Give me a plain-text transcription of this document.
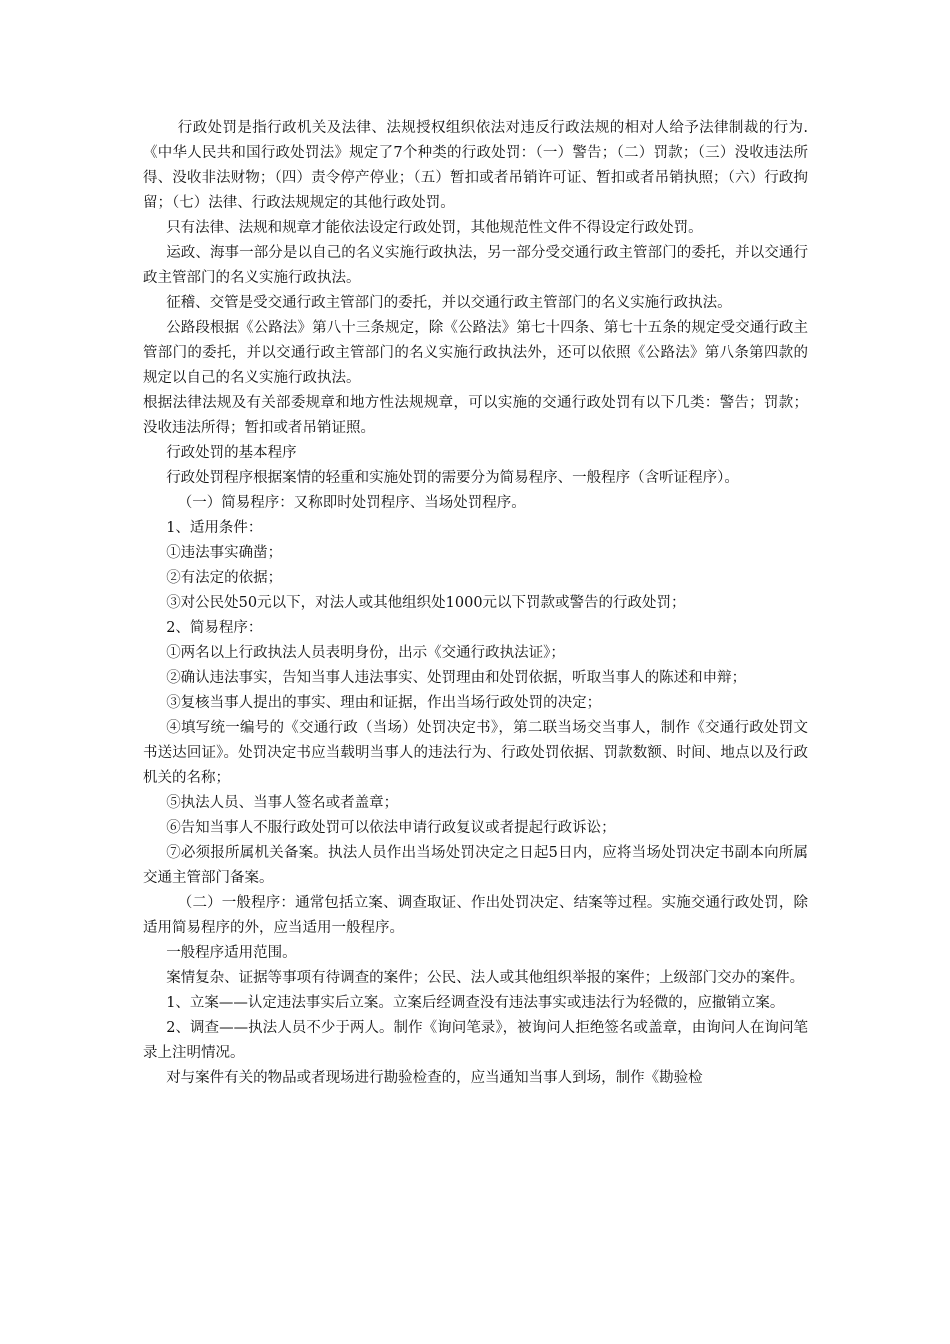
行政处罚是指行政机关及法律、法规授权组织依法对违反行政法规的相对人给予法律制裁的行为.《中华人民共和国行政处罚法》规定了7个种类的行政处罚：（一）警告；（二）罚款；（三）没收违法所得、没收非法财物；（四）责令停产停业；（五）暂扣或者吊销许可证、暂扣或者吊销执照；（六）行政拘留；（七）法律、行政法规规定的其他行政处罚。

只有法律、法规和规章才能依法设定行政处罚，其他规范性文件不得设定行政处罚。

运政、海事一部分是以自己的名义实施行政执法，另一部分受交通行政主管部门的委托，并以交通行政主管部门的名义实施行政执法。

征稽、交管是受交通行政主管部门的委托，并以交通行政主管部门的名义实施行政执法。

公路段根据《公路法》第八十三条规定，除《公路法》第七十四条、第七十五条的规定受交通行政主管部门的委托，并以交通行政主管部门的名义实施行政执法外，还可以依照《公路法》第八条第四款的规定以自己的名义实施行政执法。

根据法律法规及有关部委规章和地方性法规规章，可以实施的交通行政处罚有以下几类：警告；罚款；没收违法所得；暂扣或者吊销证照。

行政处罚的基本程序

行政处罚程序根据案情的轻重和实施处罚的需要分为简易程序、一般程序（含听证程序）。

（一）简易程序：又称即时处罚程序、当场处罚程序。

1、适用条件：

①违法事实确凿；

②有法定的依据；

③对公民处50元以下，对法人或其他组织处1000元以下罚款或警告的行政处罚；

2、简易程序：

①两名以上行政执法人员表明身份，出示《交通行政执法证》；

②确认违法事实，告知当事人违法事实、处罚理由和处罚依据，听取当事人的陈述和申辩；

③复核当事人提出的事实、理由和证据，作出当场行政处罚的决定；

④填写统一编号的《交通行政（当场）处罚决定书》，第二联当场交当事人，制作《交通行政处罚文书送达回证》。处罚决定书应当载明当事人的违法行为、行政处罚依据、罚款数额、时间、地点以及行政机关的名称；

⑤执法人员、当事人签名或者盖章；

⑥告知当事人不服行政处罚可以依法申请行政复议或者提起行政诉讼；

⑦必须报所属机关备案。执法人员作出当场处罚决定之日起5日内，应将当场处罚决定书副本向所属交通主管部门备案。

（二）一般程序：通常包括立案、调查取证、作出处罚决定、结案等过程。实施交通行政处罚，除适用简易程序的外，应当适用一般程序。

一般程序适用范围。

案情复杂、证据等事项有待调查的案件；公民、法人或其他组织举报的案件；上级部门交办的案件。

1、立案——认定违法事实后立案。立案后经调查没有违法事实或违法行为轻微的，应撤销立案。

2、调查——执法人员不少于两人。制作《询问笔录》，被询问人拒绝签名或盖章，由询问人在询问笔录上注明情况。

对与案件有关的物品或者现场进行勘验检查的，应当通知当事人到场，制作《勘验检
